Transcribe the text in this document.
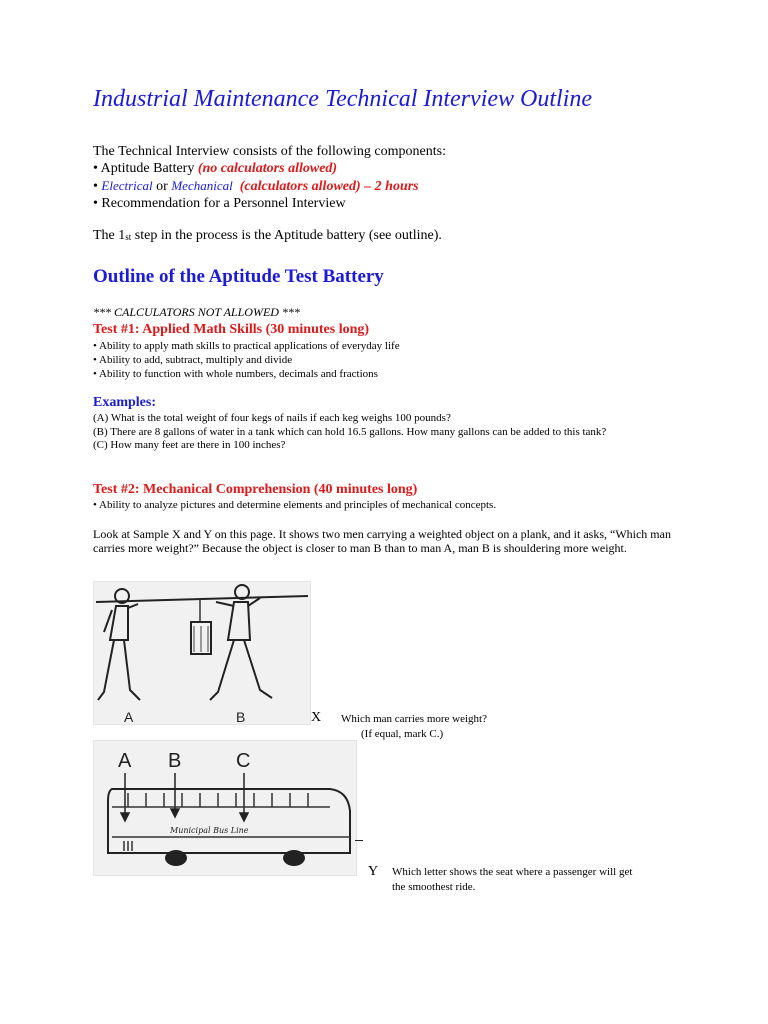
Industrial Maintenance Technical Interview Outline
The Technical Interview consists of the following components:
• Aptitude Battery (no calculators allowed)
• Electrical or Mechanical (calculators allowed) – 2 hours
• Recommendation for a Personnel Interview
The $1_{st}$ step in the process is the Aptitude battery (see outline).
Outline of the Aptitude Test Battery
*** CALCULATORS NOT ALLOWED ***
Test #1: Applied Math Skills (30 minutes long)
• Ability to apply math skills to practical applications of everyday life
• Ability to add, subtract, multiply and divide
• Ability to function with whole numbers, decimals and fractions
Examples:
(A) What is the total weight of four kegs of nails if each keg weighs 100 pounds?
(B) There are 8 gallons of water in a tank which can hold 16.5 gallons. How many gallons can be added to this tank?
(C) How many feet are there in 100 inches?
Test #2: Mechanical Comprehension (40 minutes long)
• Ability to analyze pictures and determine elements and principles of mechanical concepts.
Look at Sample X and Y on this page. It shows two men carrying a weighted object on a plank, and it asks, “Which man carries more weight?” Because the object is closer to man B than to man A, man B is shouldering more weight.
A	B	X Which man carries more weight?
(If equal, mark C.)
A B	C
Municipal Bus Line
Y Which letter shows the seat where a passenger will get
the smoothest ride.
